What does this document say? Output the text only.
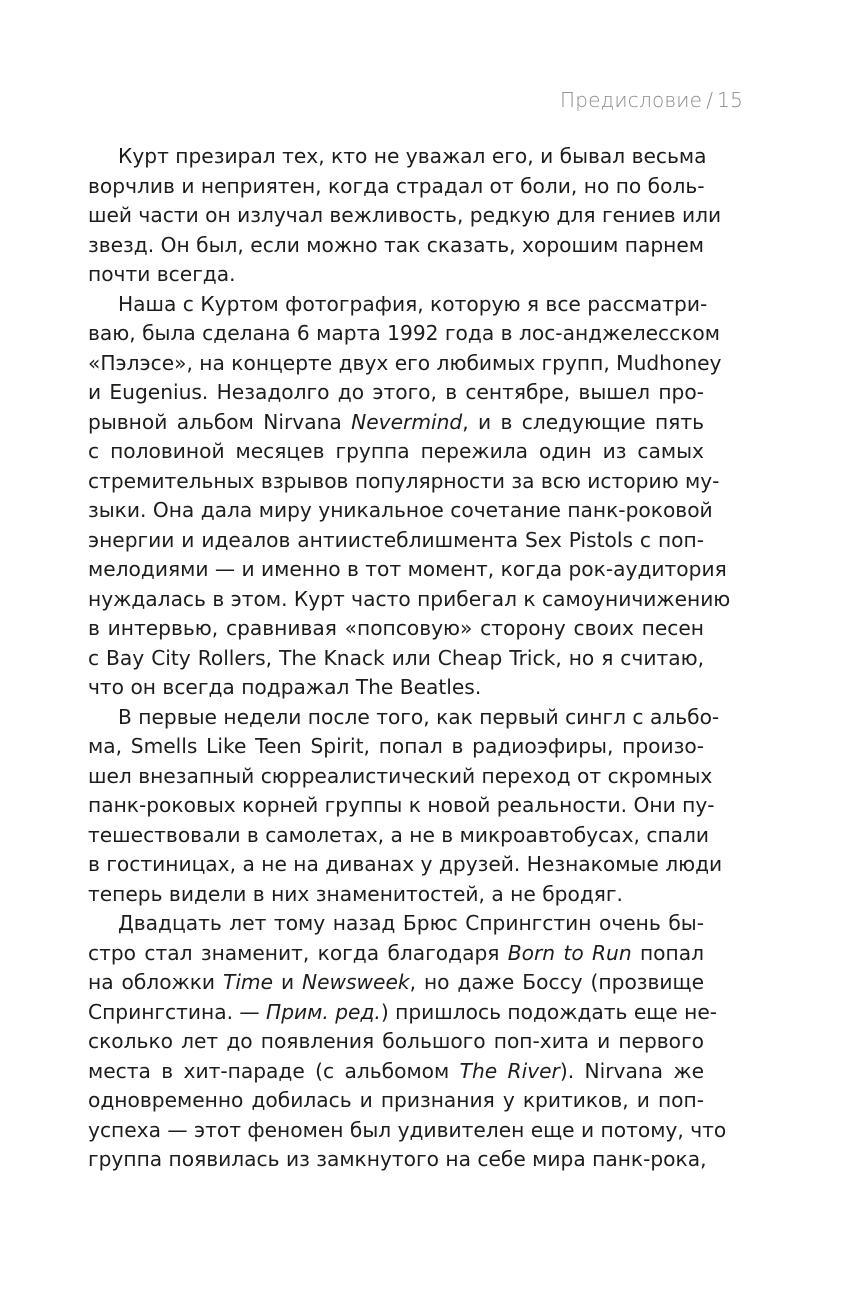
Предисловие / 15
Курт презирал тех, кто не уважал его, и бывал весьма
ворчлив и неприятен, когда страдал от боли, но по боль-
шей части он излучал вежливость, редкую для гениев или
звезд. Он был, если можно так сказать, хорошим парнем
почти всегда.
Наша с Куртом фотография, которую я все рассматри-
ваю, была сделана 6 марта 1992 года в лос-анджелесском
«Пэлэсе», на концерте двух его любимых групп, Mudhoney
и Eugenius. Незадолго до этого, в сентябре, вышел про-
рывной альбом Nirvana Nevermind, и в следующие пять
с половиной месяцев группа пережила один из самых
стремительных взрывов популярности за всю историю му-
зыки. Она дала миру уникальное сочетание панк-роковой
энергии и идеалов антиистеблишмента Sex Pistols с поп-
мелодиями — и именно в тот момент, когда рок-аудитория
нуждалась в этом. Курт часто прибегал к самоуничижению
в интервью, сравнивая «попсовую» сторону своих песен
с Bay City Rollers, The Knack или Cheap Trick, но я считаю,
что он всегда подражал The Beatles.
В первые недели после того, как первый сингл с альбо-
ма, Smells Like Teen Spirit, попал в радиоэфиры, произо-
шел внезапный сюрреалистический переход от скромных
панк-роковых корней группы к новой реальности. Они пу-
тешествовали в самолетах, а не в микроавтобусах, спали
в гостиницах, а не на диванах у друзей. Незнакомые люди
теперь видели в них знаменитостей, а не бродяг.
Двадцать лет тому назад Брюс Спрингстин очень бы-
стро стал знаменит, когда благодаря Born to Run попал
на обложки Time и Newsweek, но даже Боссу (прозвище
Спрингстина. — Прим. ред.) пришлось подождать еще не-
сколько лет до появления большого поп-хита и первого
места в хит-параде (с альбомом The River). Nirvana же
одновременно добилась и признания у критиков, и поп-
успеха — этот феномен был удивителен еще и потому, что
группа появилась из замкнутого на себе мира панк-рока,
